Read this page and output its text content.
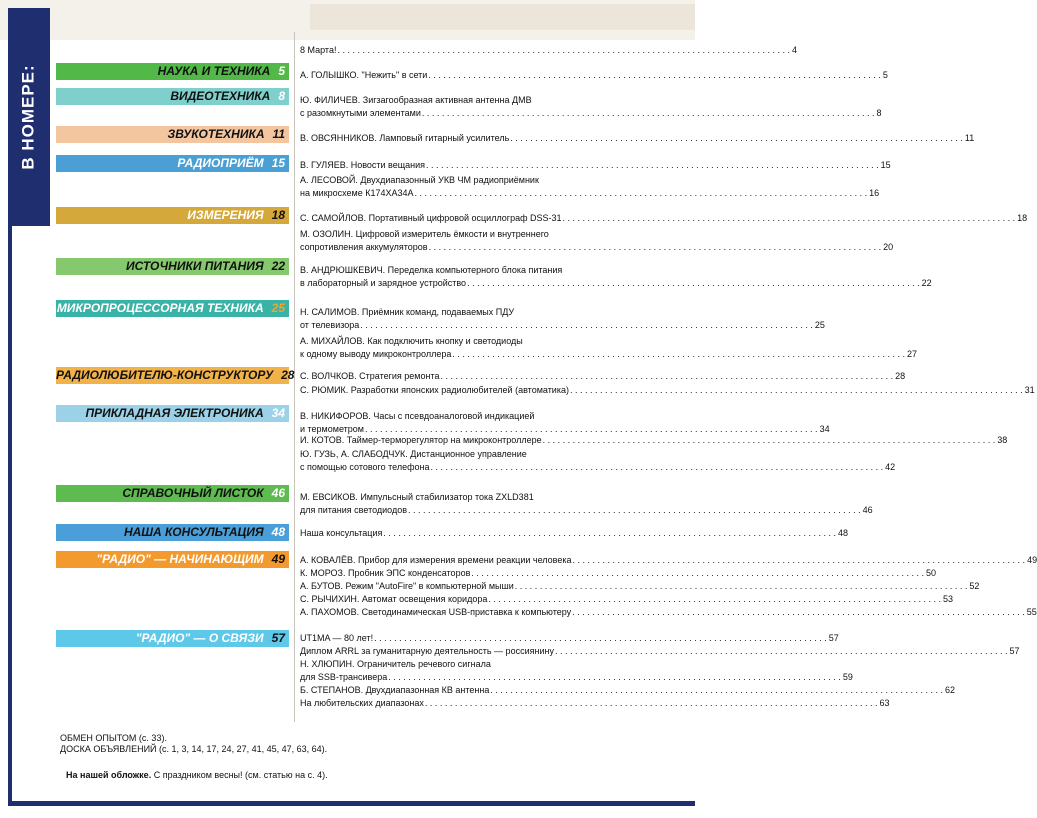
В НОМЕРЕ:	НАУКА И ТЕХНИКА 5
ВИДЕОТЕХНИКА 8
ЗВУКОТЕХНИКА 11
РАДИОПРИЁМ 15
ИЗМЕРЕНИЯ 18
ИСТОЧНИКИ ПИТАНИЯ 22
МИКРОПРОЦЕССОРНАЯ ТЕХНИКА 25
РАДИОЛЮБИТЕЛЮ-КОНСТРУКТОРУ 28
ПРИКЛАДНАЯ ЭЛЕКТРОНИКА 34
СПРАВОЧНЫЙ ЛИСТОК 46
НАША КОНСУЛЬТАЦИЯ 48
"РАДИО" — НАЧИНАЮЩИМ 49
"РАДИО" — О СВЯЗИ 57
8 Марта! . . .	4
А. ГОЛЫШКО. "Нежить" в сети . . .	5
Ю. ФИЛИЧЕВ. Зигзагообразная активная антенна ДМВ
с разомкнутыми элементами . . .	8
В. ОВСЯННИКОВ. Ламповый гитарный усилитель . . .	11
В. ГУЛЯЕВ. Новости вещания . . .	15
А. ЛЕСОВОЙ. Двухдиапазонный УКВ ЧМ радиоприёмник
на микросхеме К174ХА34А . . .	16
С. САМОЙЛОВ. Портативный цифровой осциллограф DSS-31 . . .	18
М. ОЗОЛИН. Цифровой измеритель ёмкости и внутреннего
сопротивления аккумуляторов . . .	20
В. АНДРЮШКЕВИЧ. Переделка компьютерного блока питания
в лабораторный и зарядное устройство . . .	22
Н. САЛИМОВ. Приёмник команд, подаваемых ПДУ
от телевизора . . .	25
А. МИХАЙЛОВ. Как подключить кнопку и светодиоды
к одному выводу микроконтроллера . . .	27
С. ВОЛЧКОВ. Стратегия ремонта . . .	28
С. РЮМИК. Разработки японских радиолюбителей (автоматика) . . .	31
В. НИКИФОРОВ. Часы с псевдоаналоговой индикацией
и термометром . . .	34
И. КОТОВ. Таймер-терморегулятор на микроконтроллере . . .	38
Ю. ГУЗЬ, А. СЛАБОДЧУК. Дистанционное управление
с помощью сотового телефона . . .	42
М. ЕВСИКОВ. Импульсный стабилизатор тока ZXLD381
для питания светодиодов . . .	46
Наша консультация . . .	48
А. КОВАЛЁВ. Прибор для измерения времени реакции человека . . .	49
К. МОРОЗ. Пробник ЭПС конденсаторов . . .	50
А. БУТОВ. Режим "AutoFire" в компьютерной мыши . . .	52
С. РЫЧИХИН. Автомат освещения коридора . . .	53
А. ПАХОМОВ. Светодинамическая USB-приставка к компьютеру . . .	55
UT1MA — 80 лет! . . .	57
Диплом ARRL за гуманитарную деятельность — россиянину . . .	57
Н. ХЛЮПИН. Ограничитель речевого сигнала
для SSB-трансивера . . .	59
Б. СТЕПАНОВ. Двухдиапазонная КВ антенна . . .	62
На любительских диапазонах . . .	63
ОБМЕН ОПЫТОМ (с. 33).
ДОСКА ОБЪЯВЛЕНИЙ (с. 1, 3, 14, 17, 24, 27, 41, 45, 47, 63, 64).
На нашей обложке. С праздником весны! (см. статью на с. 4).
